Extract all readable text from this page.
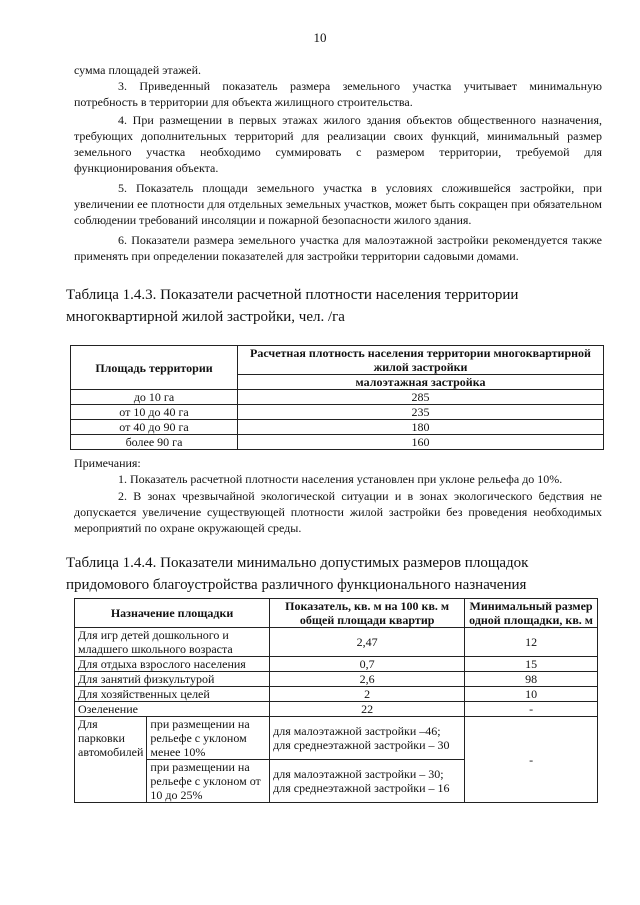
10
сумма площадей этажей.
3. Приведенный показатель размера земельного участка учитывает минимальную потребность в территории для объекта жилищного строительства.
4. При размещении в первых этажах жилого здания объектов общественного назначения, требующих дополнительных территорий для реализации своих функций, минимальный размер земельного участка необходимо суммировать с размером территории, требуемой для функционирования объекта.
5. Показатель площади земельного участка в условиях сложившейся застройки, при увеличении ее плотности для отдельных земельных участков, может быть сокращен при обязательном соблюдении требований инсоляции и пожарной безопасности жилого здания.
6. Показатели размера земельного участка для малоэтажной застройки рекомендуется также применять при определении показателей для застройки территории садовыми домами.
Таблица 1.4.3. Показатели расчетной плотности населения территории многоквартирной жилой застройки, чел. /га
Площадь территории	Расчетная плотность населения территории многоквартирной жилой застройки
	малоэтажная застройка
до 10 га	285
от 10 до 40 га	235
от 40 до 90 га	180
более 90 га	160
Примечания:
1. Показатель расчетной плотности населения установлен при уклоне рельефа до 10%.
2. В зонах чрезвычайной экологической ситуации и в зонах экологического бедствия не допускается увеличение существующей плотности жилой застройки без проведения необходимых мероприятий по охране окружающей среды.
Таблица 1.4.4. Показатели минимально допустимых размеров площадок придомового благоустройства различного функционального назначения
Назначение площадки		Показатель, кв. м на 100 кв. м общей площади квартир	Минимальный размер одной площадки, кв. м
Для игр детей дошкольного и младшего школьного возраста		2,47	12
Для отдыха взрослого населения		0,7	15
Для занятий физкультурой		2,6	98
Для хозяйственных целей		2	10
Озеленение		22	-
Для парковки автомобилей	при размещении на рельефе с уклоном менее 10%	для малоэтажной застройки –46; для среднеэтажной застройки – 30	-
	при размещении на рельефе с уклоном от 10 до 25%	для малоэтажной застройки – 30; для среднеэтажной застройки – 16	
